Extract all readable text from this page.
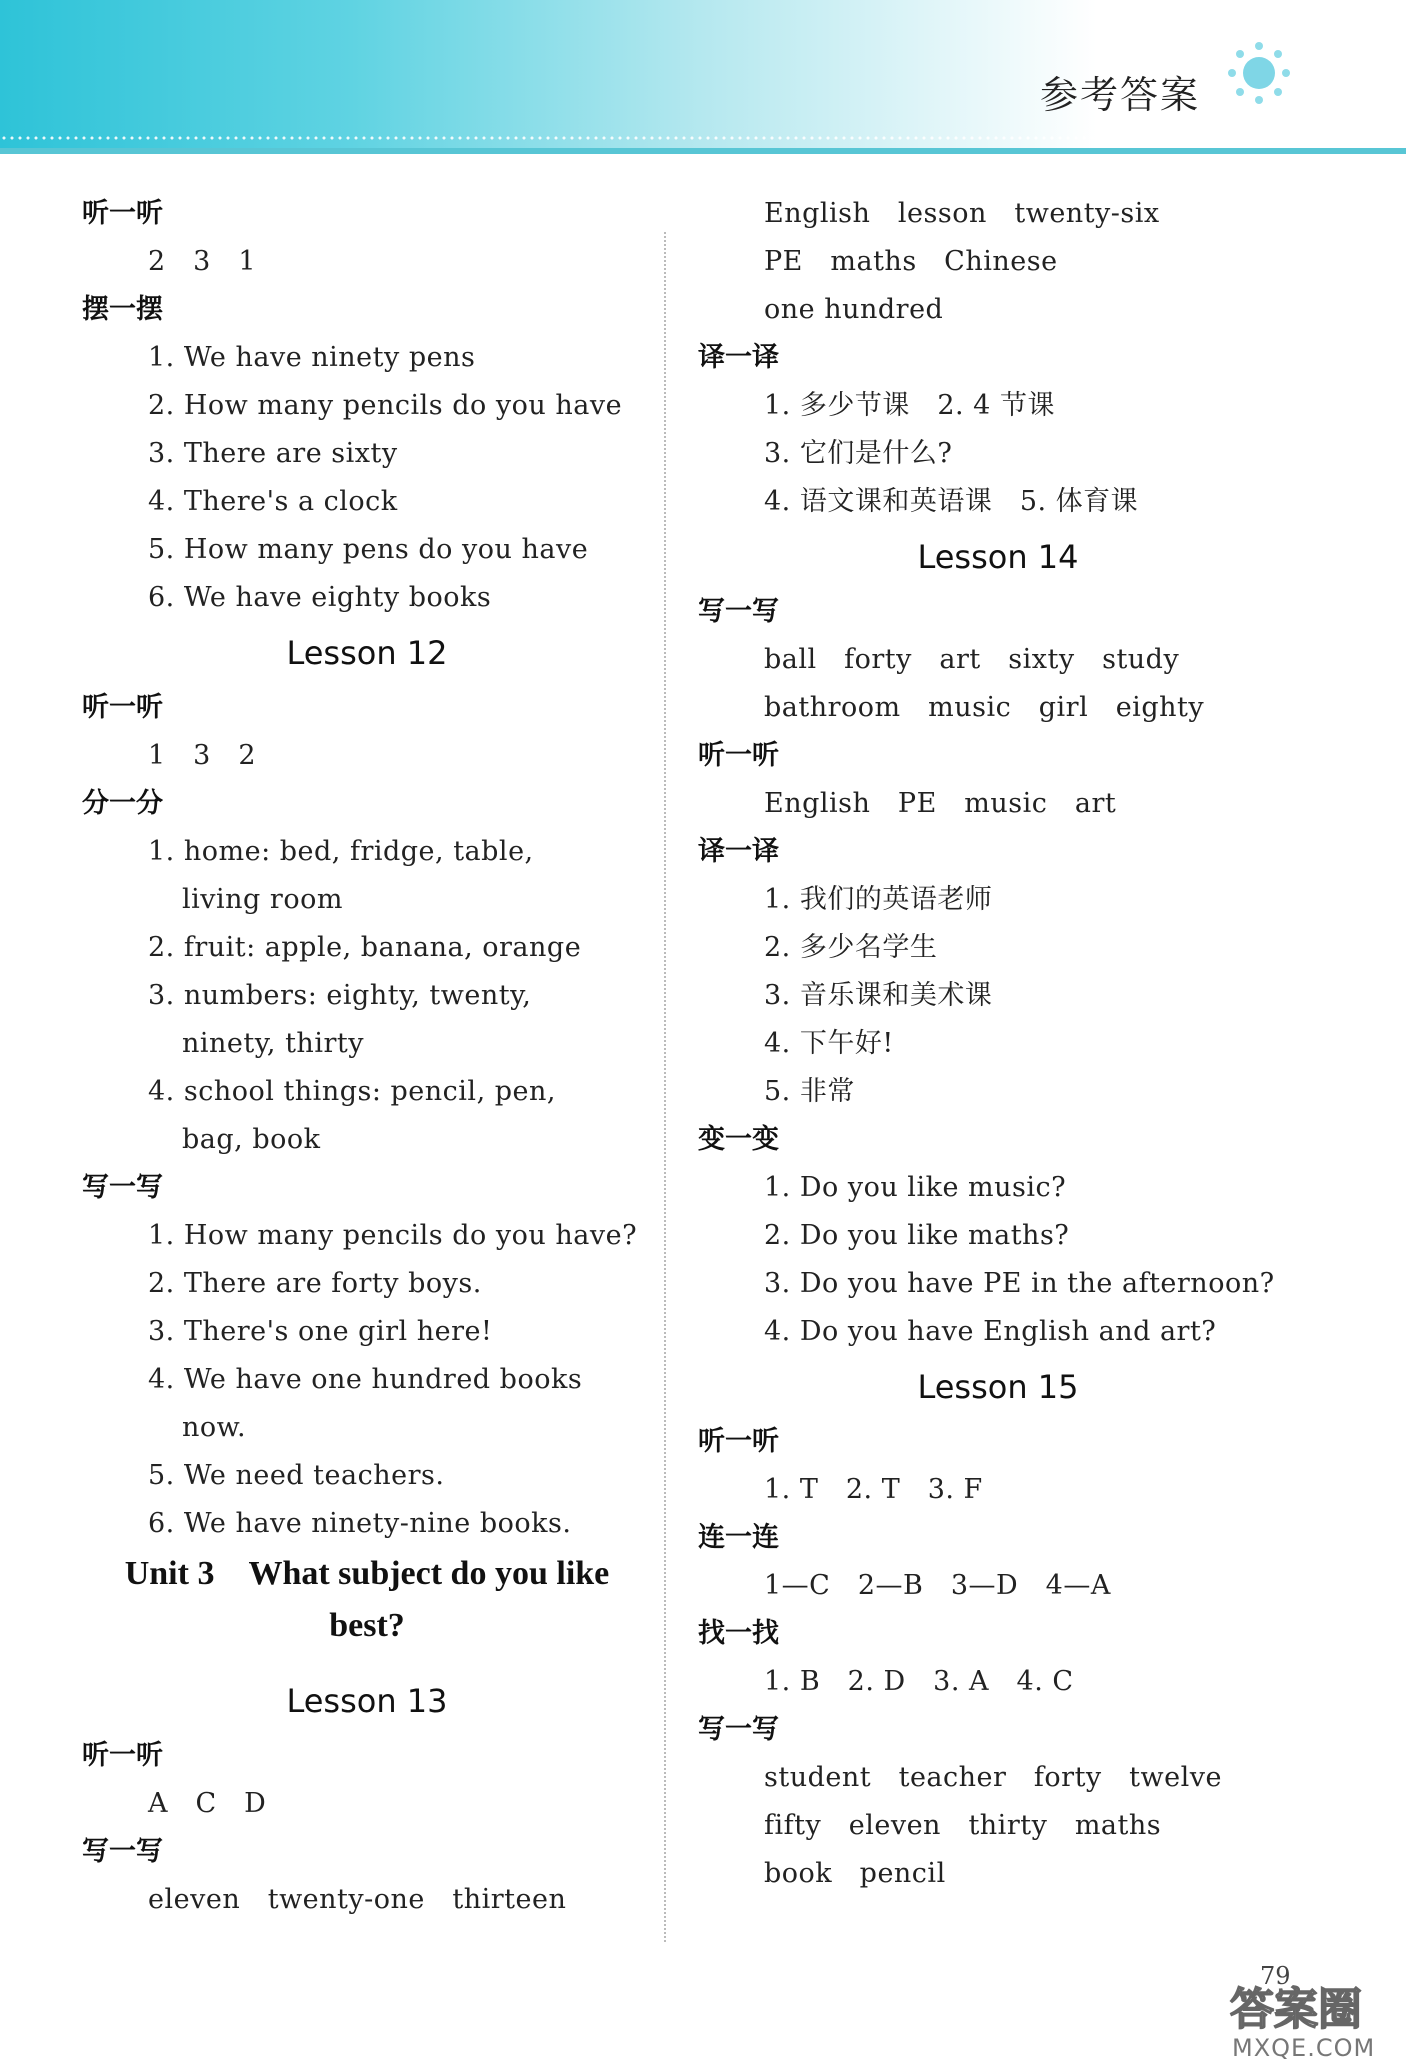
参考答案
听一听
2　3　1
摆一摆
1. We have ninety pens
2. How many pencils do you have
3. There are sixty
4. There's a clock
5. How many pens do you have
6. We have eighty books
Lesson 12
听一听
1　3　2
分一分
1. home: bed, fridge, table,
living room
2. fruit: apple, banana, orange
3. numbers: eighty, twenty,
ninety, thirty
4. school things: pencil, pen,
bag, book
写一写
1. How many pencils do you have?
2. There are forty boys.
3. There's one girl here!
4. We have one hundred books
now.
5. We need teachers.
6. We have ninety-nine books.
Unit 3　What subject do you like
best?
Lesson 13
听一听
A　C　D
写一写
eleven　twenty-one　thirteen
English　lesson　twenty-six
PE　maths　Chinese
one hundred
译一译
1. 多少节课　2. 4 节课
3. 它们是什么?
4. 语文课和英语课　5. 体育课
Lesson 14
写一写
ball　forty　art　sixty　study
bathroom　music　girl　eighty
听一听
English　PE　music　art
译一译
1. 我们的英语老师
2. 多少名学生
3. 音乐课和美术课
4. 下午好!
5. 非常
变一变
1. Do you like music?
2. Do you like maths?
3. Do you have PE in the afternoon?
4. Do you have English and art?
Lesson 15
听一听
1. T　2. T　3. F
连一连
1—C　2—B　3—D　4—A
找一找
1. B　2. D　3. A　4. C
写一写
student　teacher　forty　twelve
fifty　eleven　thirty　maths
book　pencil
79
答案圈
MXQE.COM
